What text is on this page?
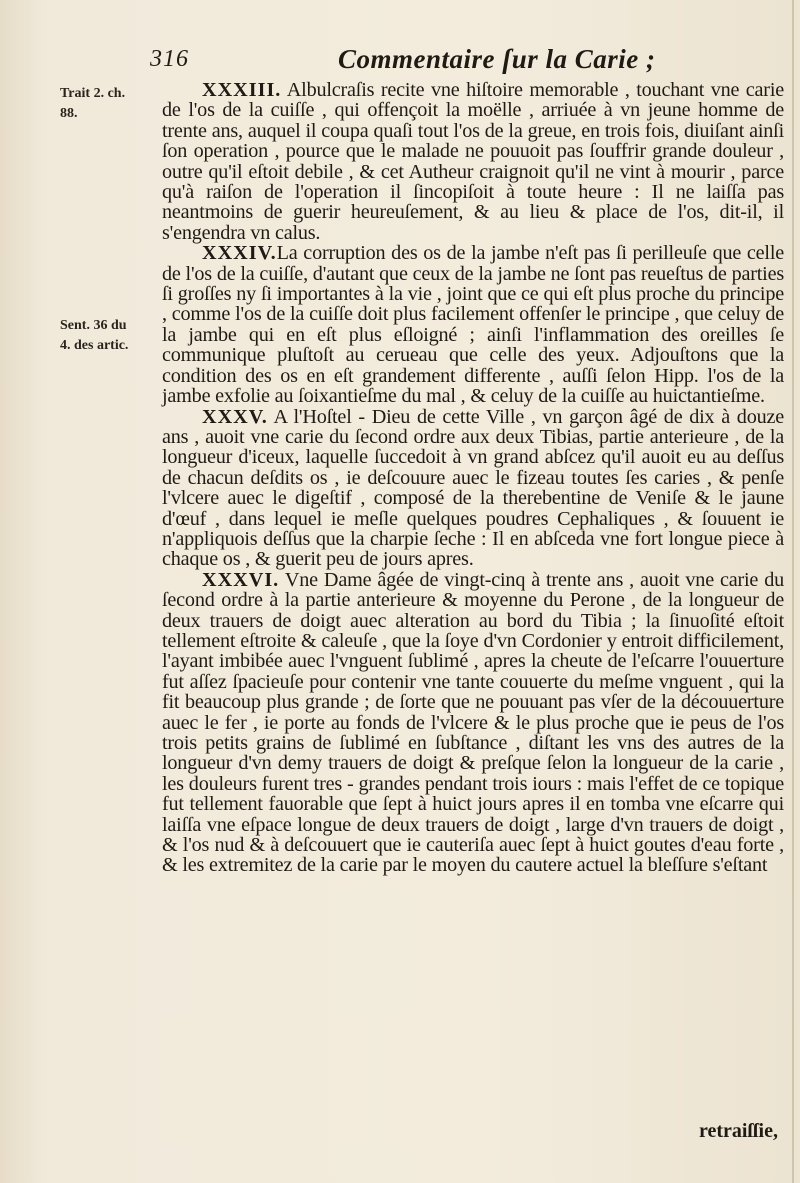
316	Commentaire ſur la Carie ;
Trait 2. ch.
88.
Sent. 36 du
4. des artic.

XXXIII. Albulcraſis recite vne hiſtoire memorable , touchant vne carie de l'os de la cuiſſe , qui offençoit la moëlle , arriuée à vn jeune homme de trente ans, auquel il coupa quaſi tout l'os de la greue, en trois fois, diuiſant ainſi ſon operation , pource que le malade ne pouuoit pas ſouffrir grande douleur , outre qu'il eſtoit debile , & cet Autheur craignoit qu'il ne vint à mourir , parce qu'à raiſon de l'operation il ſincopiſoit à toute heure : Il ne laiſſa pas neantmoins de guerir heureuſement, & au lieu & place de l'os, dit-il, il s'engendra vn calus.

XXXIV.La corruption des os de la jambe n'eſt pas ſi perilleuſe que celle de l'os de la cuiſſe, d'autant que ceux de la jambe ne ſont pas reueſtus de parties ſi groſſes ny ſi importantes à la vie , joint que ce qui eſt plus proche du principe , comme l'os de la cuiſſe doit plus facilement offenſer le principe , que celuy de la jambe qui en eſt plus eſloigné ; ainſi l'inflammation des oreilles ſe communique pluſtoſt au cerueau que celle des yeux. Adjouſtons que la condition des os en eſt grandement differente , auſſi ſelon Hipp. l'os de la jambe exfolie au ſoixantieſme du mal , & celuy de la cuiſſe au huictantieſme.

XXXV. A l'Hoſtel - Dieu de cette Ville , vn garçon âgé de dix à douze ans , auoit vne carie du ſecond ordre aux deux Tibias, partie anterieure , de la longueur d'iceux, laquelle ſuccedoit à vn grand abſcez qu'il auoit eu au deſſus de chacun deſdits os , ie deſcouure auec le fizeau toutes ſes caries , & penſe l'vlcere auec le digeſtif , composé de la therebentine de Veniſe & le jaune d'œuf , dans lequel ie meſle quelques poudres Cephaliques , & ſouuent ie n'appliquois deſſus que la charpie ſeche : Il en abſceda vne fort longue piece à chaque os , & guerit peu de jours apres.

XXXVI. Vne Dame âgée de vingt-cinq à trente ans , auoit vne carie du ſecond ordre à la partie anterieure & moyenne du Perone , de la longueur de deux trauers de doigt auec alteration au bord du Tibia ; la ſinuoſité eſtoit tellement eſtroite & caleuſe , que la ſoye d'vn Cordonier y entroit difficilement, l'ayant imbibée auec l'vnguent ſublimé , apres la cheute de l'eſcarre l'ouuerture fut aſſez ſpacieuſe pour contenir vne tante couuerte du meſme vnguent , qui la fit beaucoup plus grande ; de ſorte que ne pouuant pas vſer de la découuerture auec le fer , ie porte au fonds de l'vlcere & le plus proche que ie peus de l'os trois petits grains de ſublimé en ſubſtance , diſtant les vns des autres de la longueur d'vn demy trauers de doigt & preſque ſelon la longueur de la carie , les douleurs furent tres - grandes pendant trois iours : mais l'effet de ce topique fut tellement fauorable que ſept à huict jours apres il en tomba vne eſcarre qui laiſſa vne eſpace longue de deux trauers de doigt , large d'vn trauers de doigt , & l'os nud & à deſcouuert que ie cauteriſa auec ſept à huict goutes d'eau forte , & les extremitez de la carie par le moyen du cautere actuel la bleſſure s'eſtant

retraiſſie,
